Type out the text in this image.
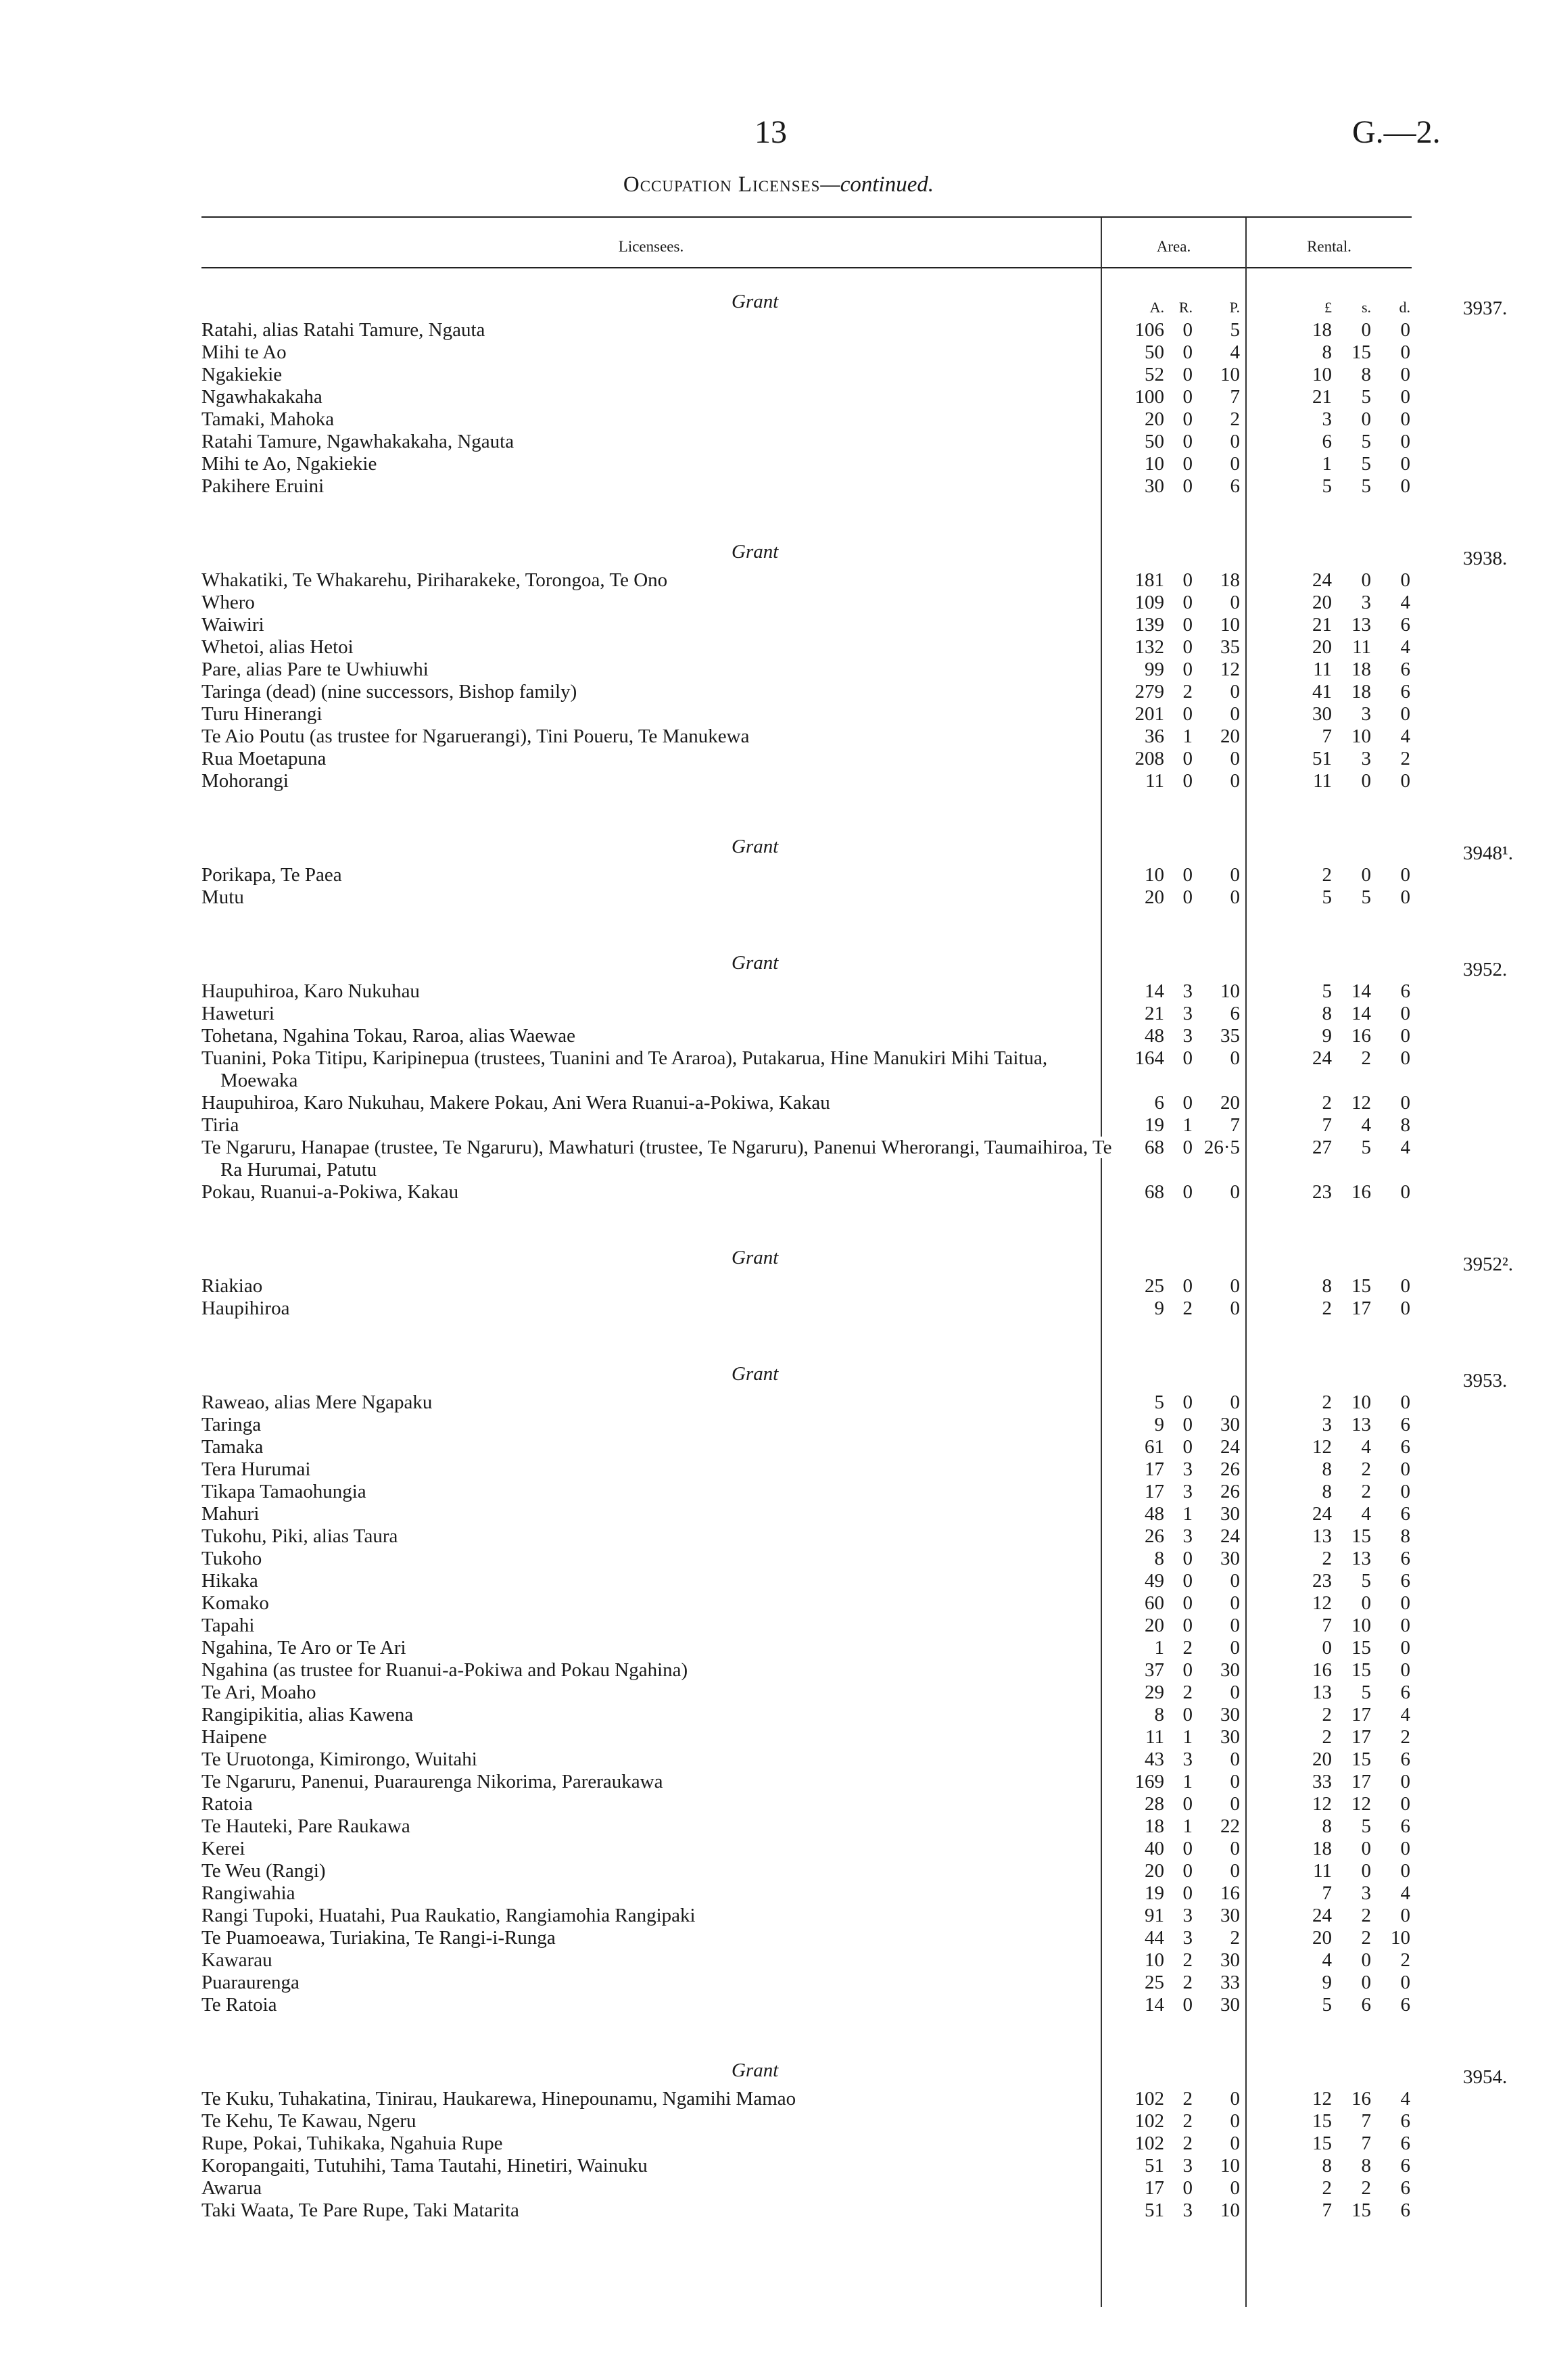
13	G.—2.
Occupation Licenses—continued.
Licensees.	Area.	Rental.
A. R.	P.	£	s.	d.
Grant	3937.
Ratahi, alias Ratahi Tamure, Ngauta	106 0	5	18	0	0
Mihi te Ao	50 0	4	8	15	0
Ngakiekie	52 0	10	10	8	0
Ngawhakakaha	100 0	7	21	5	0
Tamaki, Mahoka	20 0	2	3	0	0
Ratahi Tamure, Ngawhakakaha, Ngauta	50 0	0	6	5	0
Mihi te Ao, Ngakiekie	10 0	0	1	5	0
Pakihere Eruini	30 0	6	5	5	0
Grant	3938.
Whakatiki, Te Whakarehu, Piriharakeke, Torongoa, Te Ono	181 0	18	24	0	0
Whero	109 0	0	20	3	4
Waiwiri	139 0	10	21	13	6
Whetoi, alias Hetoi	132 0	35	20	11	4
Pare, alias Pare te Uwhiuwhi	99 0	12	11	18	6
Taringa (dead) (nine successors, Bishop family)	279 2	0	41	18	6
Turu Hinerangi	201 0	0	30	3	0
Te Aio Poutu (as trustee for Ngaruerangi), Tini Poueru, Te Manukewa	36 1	20	7	10	4
Rua Moetapuna	208 0	0	51	3	2
Mohorangi	11 0	0	11	0	0
Grant	3948¹.
Porikapa, Te Paea	10 0	0	2	0	0
Mutu	20 0	0	5	5	0
Grant	3952.
Haupuhiroa, Karo Nukuhau	14 3	10	5	14	6
Haweturi	21 3	6	8	14	0
Tohetana, Ngahina Tokau, Raroa, alias Waewae	48 3	35	9	16	0
Tuanini, Poka Titipu, Karipinepua (trustees, Tuanini and Te Araroa), Putakarua, Hine Manukiri Mihi Taitua, Moewaka
164 0	0	24	2	0
Haupuhiroa, Karo Nukuhau, Makere Pokau, Ani Wera Ruanui-a-Pokiwa, Kakau	6 0	20	2	12	0
Tiria	19 1	7	7	4	8
Te Ngaruru, Hanapae (trustee, Te Ngaruru), Mawhaturi (trustee, Te Ngaruru), Panenui Wherorangi, Taumaihiroa, Te Ra Hurumai, Patutu
68 0 26·5	27	5	4
Pokau, Ruanui-a-Pokiwa, Kakau	68 0	0	23	16	0
Grant	3952².
Riakiao	25 0	0	8	15	0
Haupihiroa	9 2	0	2	17	0
Grant	3953.
Raweao, alias Mere Ngapaku	5 0	0	2	10	0
Taringa	9 0	30	3	13	6
Tamaka	61 0	24	12	4	6
Tera Hurumai	17 3	26	8	2	0
Tikapa Tamaohungia	17 3	26	8	2	0
Mahuri	48 1	30	24	4	6
Tukohu, Piki, alias Taura	26 3	24	13	15	8
Tukoho	8 0	30	2	13	6
Hikaka	49 0	0	23	5	6
Komako	60 0	0	12	0	0
Tapahi	20 0	0	7	10	0
Ngahina, Te Aro or Te Ari	1 2	0	0	15	0
Ngahina (as trustee for Ruanui-a-Pokiwa and Pokau Ngahina)	37 0	30	16	15	0
Te Ari, Moaho	29 2	0	13	5	6
Rangipikitia, alias Kawena	8 0	30	2	17	4
Haipene	11 1	30	2	17	2
Te Uruotonga, Kimirongo, Wuitahi	43 3	0	20	15	6
Te Ngaruru, Panenui, Puaraurenga Nikorima, Pareraukawa	169 1	0	33	17	0
Ratoia	28 0	0	12	12	0
Te Hauteki, Pare Raukawa	18 1	22	8	5	6
Kerei	40 0	0	18	0	0
Te Weu (Rangi)	20 0	0	11	0	0
Rangiwahia	19 0	16	7	3	4
Rangi Tupoki, Huatahi, Pua Raukatio, Rangiamohia Rangipaki	91 3	30	24	2	0
Te Puamoeawa, Turiakina, Te Rangi-i-Runga	44 3	2	20	2	10
Kawarau	10 2	30	4	0	2
Puaraurenga	25 2	33	9	0	0
Te Ratoia	14 0	30	5	6	6
Grant	3954.
Te Kuku, Tuhakatina, Tinirau, Haukarewa, Hinepounamu, Ngamihi Mamao	102 2	0	12	16	4
Te Kehu, Te Kawau, Ngeru	102 2	0	15	7	6
Rupe, Pokai, Tuhikaka, Ngahuia Rupe	102 2	0	15	7	6
Koropangaiti, Tutuhihi, Tama Tautahi, Hinetiri, Wainuku	51 3	10	8	8	6
Awarua	17 0	0	2	2	6
Taki Waata, Te Pare Rupe, Taki Matarita	51 3	10	7	15	6
